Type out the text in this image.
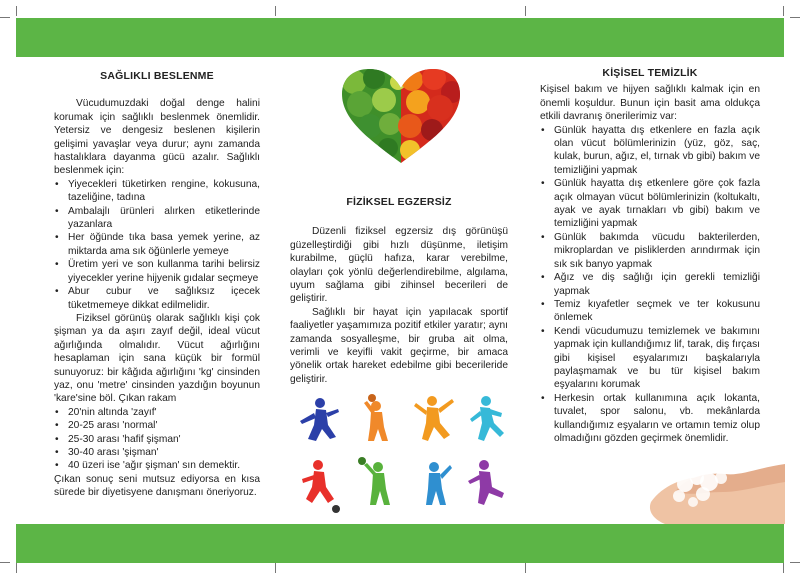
SAĞLIKLI BESLENME

Vücudumuzdaki doğal denge halini korumak için sağlıklı beslenmek önemlidir. Yetersiz ve dengesiz beslenen kişilerin gelişimi yavaşlar veya durur; aynı zamanda hastalıklara dayanma gücü azalır. Sağlıklı beslenmek için:

• Yiyecekleri tüketirken rengine, kokusuna, tazeliğine, tadına
• Ambalajlı ürünleri alırken etiketlerinde yazanlara
• Her öğünde tıka basa yemek yerine, az miktarda ama sık öğünlerle yemeye
• Üretim yeri ve son kullanma tarihi belirsiz yiyecekler yerine hijyenik gıdalar seçmeye
• Abur cubur ve sağlıksız içecek tüketmemeye dikkat edilmelidir.

Fiziksel görünüş olarak sağlıklı kişi çok şişman ya da aşırı zayıf değil, ideal vücut ağırlığında olmalıdır. Vücut ağırlığını hesaplaman için sana küçük bir formül sunuyoruz: bir kâğıda ağırlığını 'kg' cinsinden yaz, onu 'metre' cinsinden yazdığın boyunun 'kare'sine böl. Çıkan rakam

• 20'nin altında 'zayıf'
• 20-25 arası 'normal'
• 25-30 arası 'hafif şişman'
• 30-40 arası 'şişman'
• 40 üzeri ise 'ağır şişman' sın demektir.

Çıkan sonuç seni mutsuz ediyorsa en kısa sürede bir diyetisyene danışmanı öneriyoruz.

FİZİKSEL EGZERSİZ

Düzenli fiziksel egzersiz dış görünüşü güzelleştirdiği gibi hızlı düşünme, iletişim kurabilme, güçlü hafıza, karar verebilme, olayları çok yönlü değerlendirebilme, algılama, uyum sağlama gibi zihinsel becerileri de geliştirir.

Sağlıklı bir hayat için yapılacak sportif faaliyetler yaşamımıza pozitif etkiler yaratır; aynı zamanda sosyalleşme, bir gruba ait olma, verimli ve keyifli vakit geçirme, bir amaca yönelik ortak hareket edebilme gibi becerileride geliştirir.

KİŞİSEL TEMİZLİK

Kişisel bakım ve hijyen sağlıklı kalmak için en önemli koşuldur. Bunun için basit ama oldukça etkili davranış önerilerimiz var:

• Günlük hayatta dış etkenlere en fazla açık olan vücut bölümlerinizin (yüz, göz, saç, kulak, burun, ağız, el, tırnak vb gibi) bakım ve temizliğini yapmak
• Günlük hayatta dış etkenlere göre çok fazla açık olmayan vücut bölümlerinizin (koltukaltı, ayak ve ayak tırnakları vb gibi) bakım ve temizliğini yapmak
• Günlük bakımda vücudu bakterilerden, mikroplardan ve pisliklerden arındırmak için sık sık banyo yapmak
• Ağız ve diş sağlığı için gerekli temizliği yapmak
• Temiz kıyafetler seçmek ve ter kokusunu önlemek
• Kendi vücudumuzu temizlemek ve bakımını yapmak için kullandığımız lif, tarak, diş fırçası gibi kişisel eşyalarımızı başkalarıyla paylaşmamak ve bu tür kişisel bakım eşyalarını korumak
• Herkesin ortak kullanımına açık lokanta, tuvalet, spor salonu, vb. mekânlarda kullandığımız eşyaların ve ortamın temiz olup olmadığını gözden geçirmek önemlidir.
